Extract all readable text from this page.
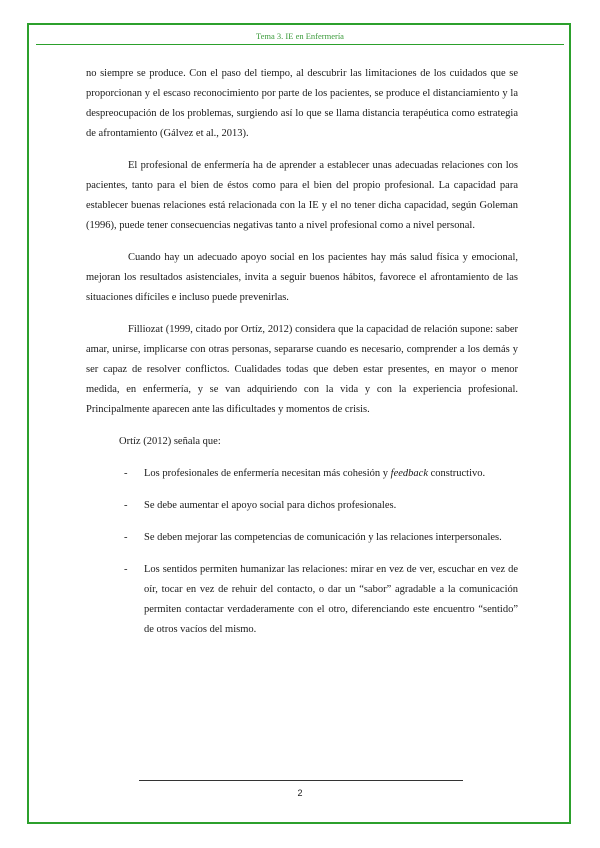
Tema 3. IE en Enfermería

no siempre se produce. Con el paso del tiempo, al descubrir las limitaciones de los cuidados que se proporcionan y el escaso reconocimiento por parte de los pacientes, se produce el distanciamiento y la despreocupación de los problemas, surgiendo así lo que se llama distancia terapéutica como estrategia de afrontamiento (Gálvez et al., 2013).

El profesional de enfermería ha de aprender a establecer unas adecuadas relaciones con los pacientes, tanto para el bien de éstos como para el bien del propio profesional. La capacidad para establecer buenas relaciones está relacionada con la IE y el no tener dicha capacidad, según Goleman (1996), puede tener consecuencias negativas tanto a nivel profesional como a nivel personal.

Cuando hay un adecuado apoyo social en los pacientes hay más salud física y emocional, mejoran los resultados asistenciales, invita a seguir buenos hábitos, favorece el afrontamiento de las situaciones difíciles e incluso puede prevenirlas.

Filliozat (1999, citado por Ortíz, 2012) considera que la capacidad de relación supone: saber amar, unirse, implicarse con otras personas, separarse cuando es necesario, comprender a los demás y ser capaz de resolver conflictos. Cualidades todas que deben estar presentes, en mayor o menor medida, en enfermería, y se van adquiriendo con la vida y con la experiencia profesional. Principalmente aparecen ante las dificultades y momentos de crisis.

Ortíz (2012) señala que:

- Los profesionales de enfermería necesitan más cohesión y feedback constructivo.
- Se debe aumentar el apoyo social para dichos profesionales.
- Se deben mejorar las competencias de comunicación y las relaciones interpersonales.
- Los sentidos permiten humanizar las relaciones: mirar en vez de ver, escuchar en vez de oír, tocar en vez de rehuir del contacto, o dar un “sabor” agradable a la comunicación permiten contactar verdaderamente con el otro, diferenciando este encuentro “sentido” de otros vacíos del mismo.
2
